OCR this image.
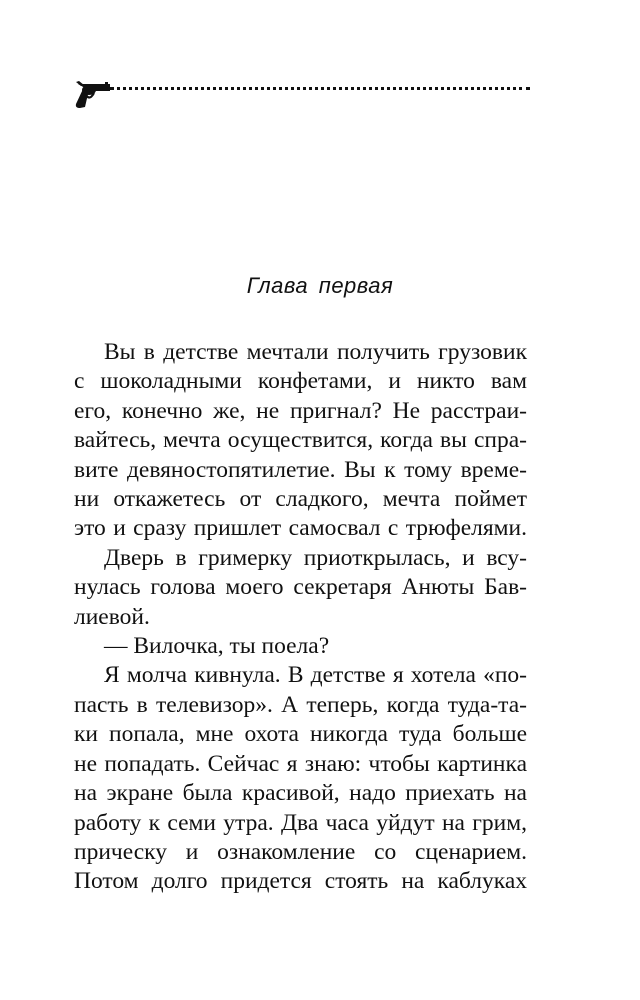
Глава первая
Вы в детстве мечтали получить грузовик
с шоколадными конфетами, и никто вам
его, конечно же, не пригнал? Не расстраи-
вайтесь, мечта осуществится, когда вы спра-
вите девяностопятилетие. Вы к тому време-
ни откажетесь от сладкого, мечта поймет
это и сразу пришлет самосвал с трюфелями.
Дверь в гримерку приоткрылась, и всу-
нулась голова моего секретаря Анюты Бав-
лиевой.
— Вилочка, ты поела?
Я молча кивнула. В детстве я хотела «по-
пасть в телевизор». А теперь, когда туда-та-
ки попала, мне охота никогда туда больше
не попадать. Сейчас я знаю: чтобы картинка
на экране была красивой, надо приехать на
работу к семи утра. Два часа уйдут на грим,
прическу и ознакомление со сценарием.
Потом долго придется стоять на каблуках
